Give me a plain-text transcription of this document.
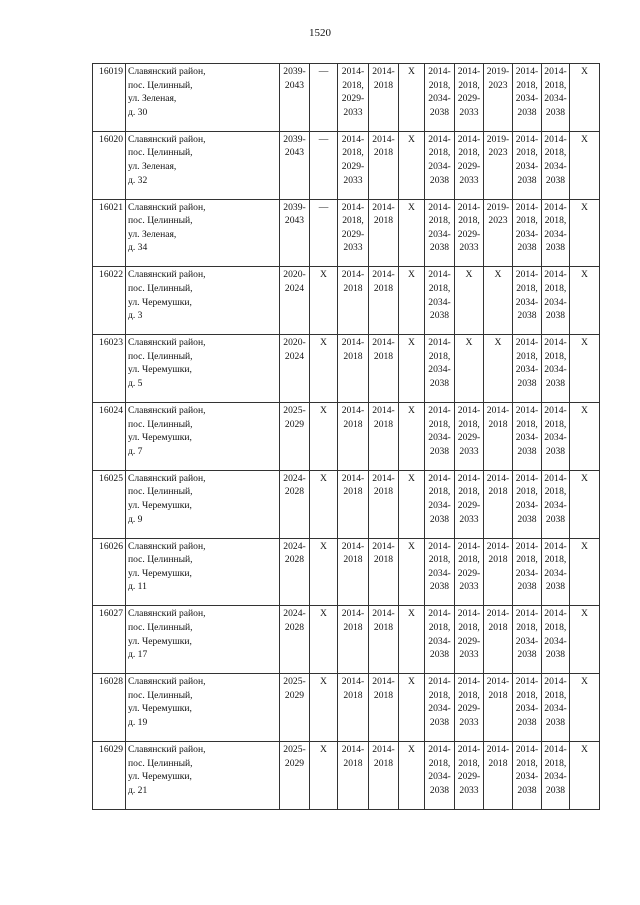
1520
16019	Славянский район,
пос. Целинный,
ул. Зеленая,
д. 30	2039-
2043	—	2014-
2018,
2029-
2033	2014-
2018	X	2014-
2018,
2034-
2038	2014-
2018,
2029-
2033	2019-
2023	2014-
2018,
2034-
2038	2014-
2018,
2034-
2038	X

16020	Славянский район,
пос. Целинный,
ул. Зеленая,
д. 32	2039-
2043	—	2014-
2018,
2029-
2033	2014-
2018	X	2014-
2018,
2034-
2038	2014-
2018,
2029-
2033	2019-
2023	2014-
2018,
2034-
2038	2014-
2018,
2034-
2038	X

16021	Славянский район,
пос. Целинный,
ул. Зеленая,
д. 34	2039-
2043	—	2014-
2018,
2029-
2033	2014-
2018	X	2014-
2018,
2034-
2038	2014-
2018,
2029-
2033	2019-
2023	2014-
2018,
2034-
2038	2014-
2018,
2034-
2038	X

16022	Славянский район,
пос. Целинный,
ул. Черемушки,
д. 3	2020-
2024	X	2014-
2018	2014-
2018	X	2014-
2018,
2034-
2038	X	X	2014-
2018,
2034-
2038	2014-
2018,
2034-
2038	X

16023	Славянский район,
пос. Целинный,
ул. Черемушки,
д. 5	2020-
2024	X	2014-
2018	2014-
2018	X	2014-
2018,
2034-
2038	X	X	2014-
2018,
2034-
2038	2014-
2018,
2034-
2038	X

16024	Славянский район,
пос. Целинный,
ул. Черемушки,
д. 7	2025-
2029	X	2014-
2018	2014-
2018	X	2014-
2018,
2034-
2038	2014-
2018,
2029-
2033	2014-
2018	2014-
2018,
2034-
2038	2014-
2018,
2034-
2038	X

16025	Славянский район,
пос. Целинный,
ул. Черемушки,
д. 9	2024-
2028	X	2014-
2018	2014-
2018	X	2014-
2018,
2034-
2038	2014-
2018,
2029-
2033	2014-
2018	2014-
2018,
2034-
2038	2014-
2018,
2034-
2038	X

16026	Славянский район,
пос. Целинный,
ул. Черемушки,
д. 11	2024-
2028	X	2014-
2018	2014-
2018	X	2014-
2018,
2034-
2038	2014-
2018,
2029-
2033	2014-
2018	2014-
2018,
2034-
2038	2014-
2018,
2034-
2038	X

16027	Славянский район,
пос. Целинный,
ул. Черемушки,
д. 17	2024-
2028	X	2014-
2018	2014-
2018	X	2014-
2018,
2034-
2038	2014-
2018,
2029-
2033	2014-
2018	2014-
2018,
2034-
2038	2014-
2018,
2034-
2038	X

16028	Славянский район,
пос. Целинный,
ул. Черемушки,
д. 19	2025-
2029	X	2014-
2018	2014-
2018	X	2014-
2018,
2034-
2038	2014-
2018,
2029-
2033	2014-
2018	2014-
2018,
2034-
2038	2014-
2018,
2034-
2038	X

16029	Славянский район,
пос. Целинный,
ул. Черемушки,
д. 21	2025-
2029	X	2014-
2018	2014-
2018	X	2014-
2018,
2034-
2038	2014-
2018,
2029-
2033	2014-
2018	2014-
2018,
2034-
2038	2014-
2018,
2034-
2038	X
